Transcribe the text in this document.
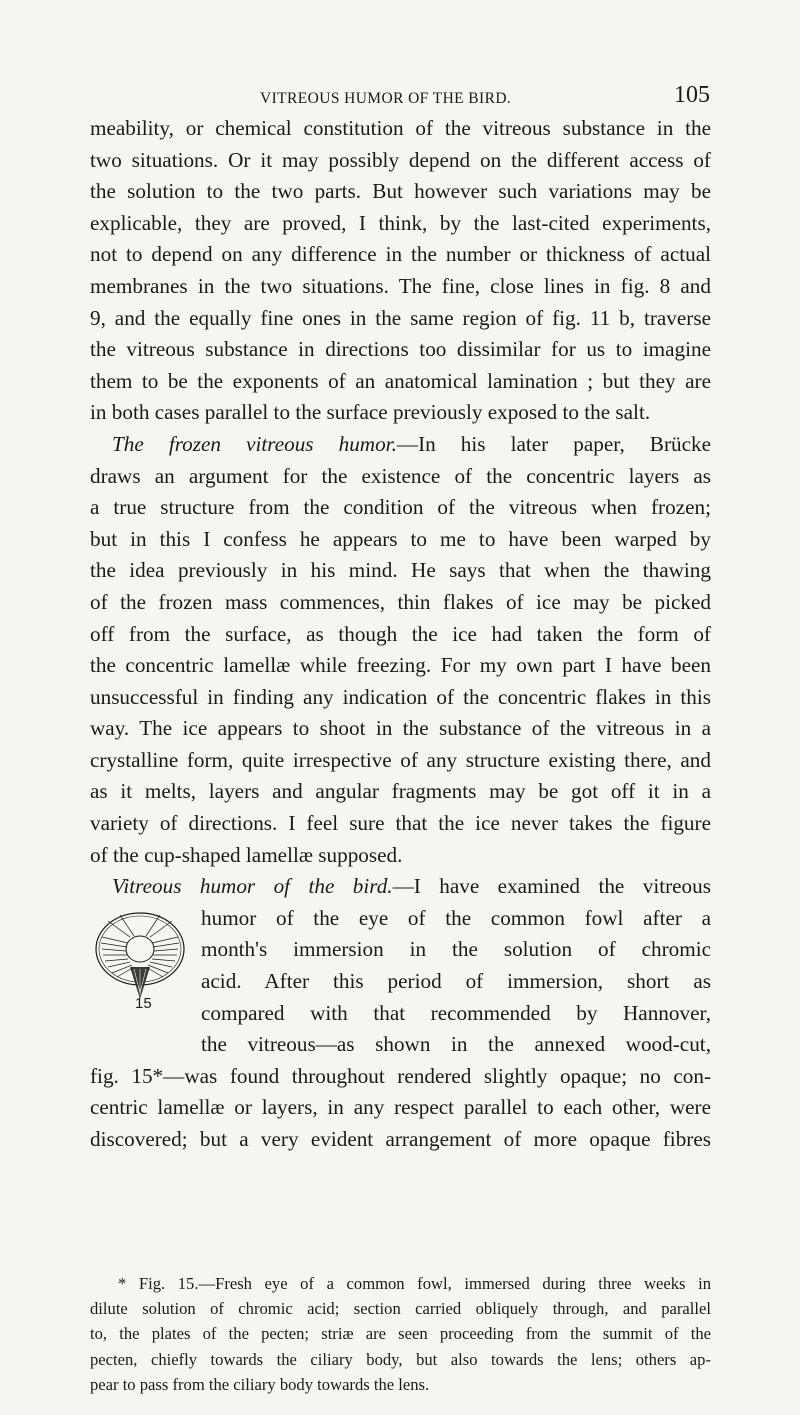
VITREOUS HUMOR OF THE BIRD.	105
meability, or chemical constitution of the vitreous substance in the
two situations. Or it may possibly depend on the different access of
the solution to the two parts. But however such variations may be
explicable, they are proved, I think, by the last-cited experiments,
not to depend on any difference in the number or thickness of actual
membranes in the two situations. The fine, close lines in fig. 8 and
9, and the equally fine ones in the same region of fig. 11 b, traverse
the vitreous substance in directions too dissimilar for us to imagine
them to be the exponents of an anatomical lamination ; but they are
in both cases parallel to the surface previously exposed to the salt.
The frozen vitreous humor.—In his later paper, Brücke
draws an argument for the existence of the concentric layers as
a true structure from the condition of the vitreous when frozen;
but in this I confess he appears to me to have been warped by
the idea previously in his mind. He says that when the thawing
of the frozen mass commences, thin flakes of ice may be picked
off from the surface, as though the ice had taken the form of
the concentric lamellæ while freezing. For my own part I have been
unsuccessful in finding any indication of the concentric flakes in this
way. The ice appears to shoot in the substance of the vitreous in a
crystalline form, quite irrespective of any structure existing there, and
as it melts, layers and angular fragments may be got off it in a
variety of directions. I feel sure that the ice never takes the figure
of the cup-shaped lamellæ supposed.
Vitreous humor of the bird.—I have examined the vitreous
humor of the eye of the common fowl after a
month's immersion in the solution of chromic
acid. After this period of immersion, short as
compared with that recommended by Hannover,
the vitreous—as shown in the annexed wood-cut,
15
fig. 15*—was found throughout rendered slightly opaque; no con-
centric lamellæ or layers, in any respect parallel to each other, were
discovered; but a very evident arrangement of more opaque fibres
* Fig. 15.—Fresh eye of a common fowl, immersed during three weeks in
dilute solution of chromic acid; section carried obliquely through, and parallel
to, the plates of the pecten; striæ are seen proceeding from the summit of the
pecten, chiefly towards the ciliary body, but also towards the lens; others ap-
pear to pass from the ciliary body towards the lens.
